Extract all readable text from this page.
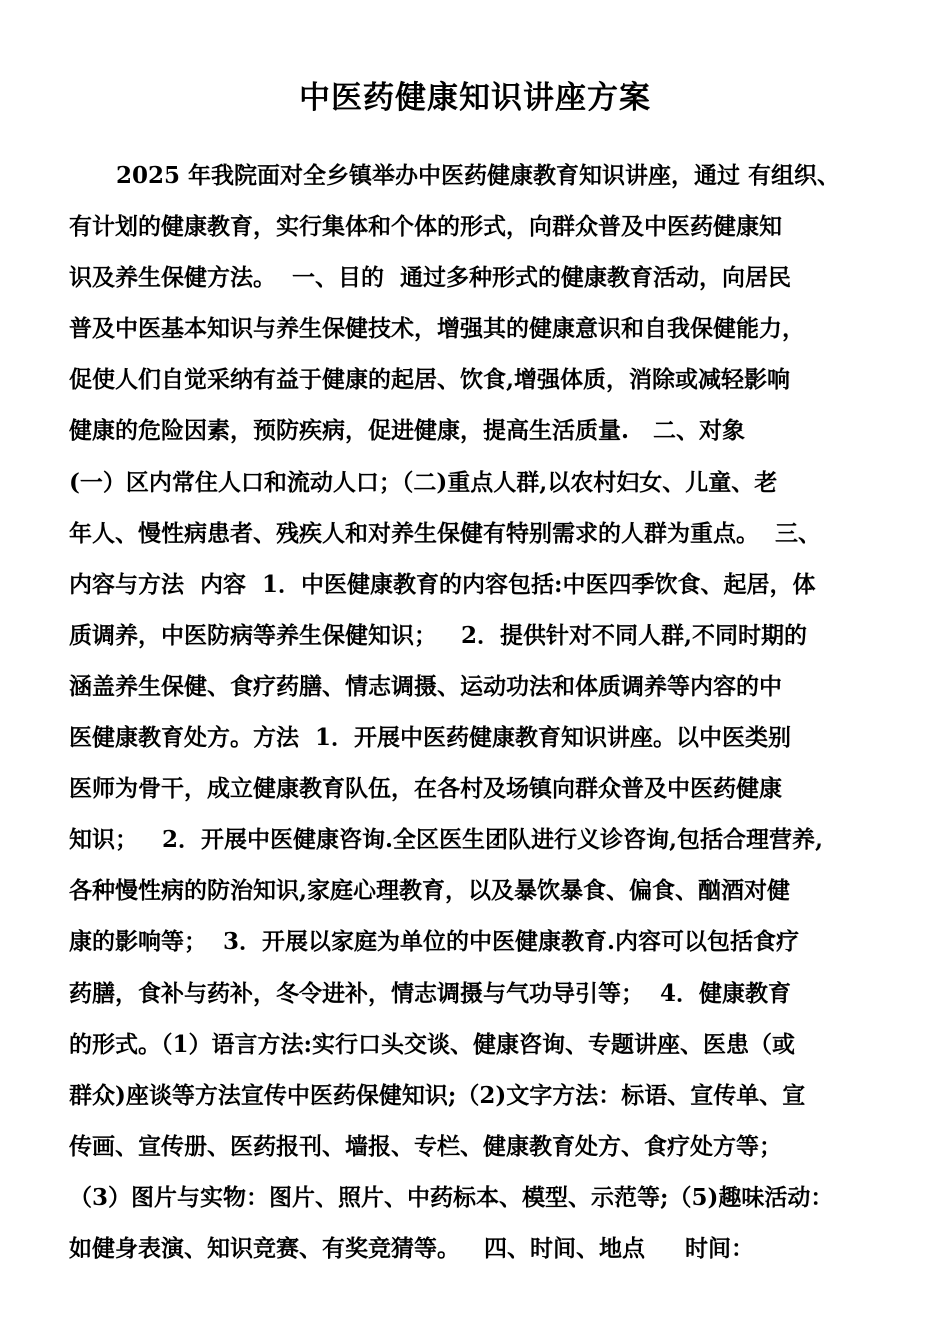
中医药健康知识讲座方案
2025 年我院面对全乡镇举办中医药健康教育知识讲座，通过 有组织、
有计划的健康教育，实行集体和个体的形式，向群众普及中医药健康知
识及养生保健方法。  一、目的  通过多种形式的健康教育活动，向居民
普及中医基本知识与养生保健技术，增强其的健康意识和自我保健能力，
促使人们自觉采纳有益于健康的起居、饮食,增强体质，消除或减轻影响
健康的危险因素，预防疾病，促进健康，提高生活质量.   二、对象
(一）区内常住人口和流动人口；（二)重点人群,以农村妇女、儿童、老
年人、慢性病患者、残疾人和对养生保健有特别需求的人群为重点。  三、
内容与方法  内容  1．中医健康教育的内容包括:中医四季饮食、起居，体
质调养，中医防病等养生保健知识；   2．提供针对不同人群,不同时期的
涵盖养生保健、食疗药膳、情志调摄、运动功法和体质调养等内容的中
医健康教育处方。方法  1．开展中医药健康教育知识讲座。以中医类别
医师为骨干，成立健康教育队伍，在各村及场镇向群众普及中医药健康
知识；   2．开展中医健康咨询.全区医生团队进行义诊咨询,包括合理营养,
各种慢性病的防治知识,家庭心理教育，以及暴饮暴食、偏食、酗酒对健
康的影响等；  3．开展以家庭为单位的中医健康教育.内容可以包括食疗
药膳，食补与药补，冬令进补，情志调摄与气功导引等；  4．健康教育
的形式。（1）语言方法:实行口头交谈、健康咨询、专题讲座、医患（或
群众)座谈等方法宣传中医药保健知识;（2)文字方法：标语、宣传单、宣
传画、宣传册、医药报刊、墙报、专栏、健康教育处方、食疗处方等；
（3）图片与实物：图片、照片、中药标本、模型、示范等;（5)趣味活动：
如健身表演、知识竞赛、有奖竞猜等。   四、时间、地点     时间：
